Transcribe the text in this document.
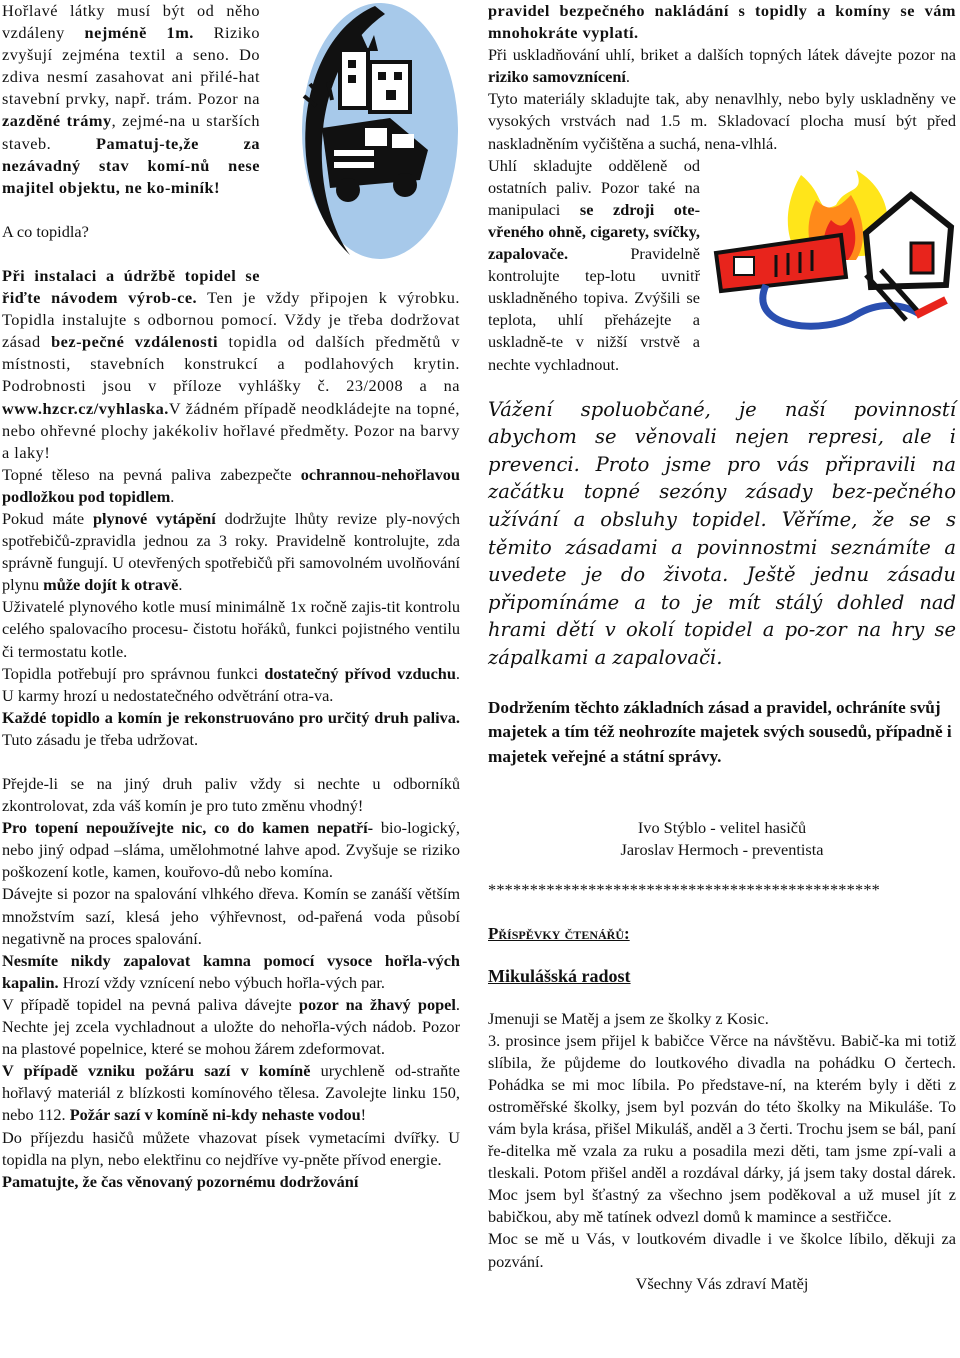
Hořlavé látky musí být od něho vzdáleny nejméně 1m. Riziko zvyšují zejména textil a seno. Do zdiva nesmí zasahovat ani přilé-hat stavební prvky, např. trám. Pozor na zazděné trámy, zejmé-na u starších staveb. Pamatuj-te,že za nezávadný stav komí-nů nese majitel objektu, ne ko-miník!

A co topidla?

Při instalaci a údržbě topidel se řiďte návodem výrob-ce. Ten je vždy připojen k výrobku. Topidla instalujte s odbornou pomocí. Vždy je třeba dodržovat zásad bez-pečné vzdálenosti topidla od dalších předmětů v místnosti, stavebních konstrukcí a podlahových krytin. Podrobnosti jsou v příloze vyhlášky č. 23/2008 a na www.hzcr.cz/vyhlaska.V žádném případě neodkládejte na topné, nebo ohřevné plochy jakékoliv hořlavé předměty. Pozor na barvy a laky!

Topné těleso na pevná paliva zabezpečte ochrannou-nehořlavou podložkou pod topidlem.

Pokud máte plynové vytápění dodržujte lhůty revize ply-nových spotřebičů-zpravidla jednou za 3 roky. Pravidelně kontrolujte, zda správně fungují. U otevřených spotřebičů při samovolném uvolňování plynu může dojít k otravě.

Uživatelé plynového kotle musí minimálně 1x ročně zajis-tit kontrolu celého spalovacího procesu- čistotu hořáků, funkci pojistného ventilu či termostatu kotle.

Topidla potřebují pro správnou funkci dostatečný přívod vzduchu. U karmy hrozí u nedostatečného odvětrání otra-va.

Každé topidlo a komín je rekonstruováno pro určitý druh paliva. Tuto zásadu je třeba udržovat.

Přejde-li se na jiný druh paliv vždy si nechte u odborníků zkontrolovat, zda váš komín je pro tuto změnu vhodný!

Pro topení nepoužívejte nic, co do kamen nepatří- bio-logický, nebo jiný odpad –sláma, umělohmotné lahve apod. Zvyšuje se riziko poškození kotle, kamen, kouřovo-dů nebo komína.

Dávejte si pozor na spalování vlhkého dřeva. Komín se zanáší větším množstvím sazí, klesá jeho výhřevnost, od-pařená voda působí negativně na proces spalování.

Nesmíte nikdy zapalovat kamna pomocí vysoce hořla-vých kapalin. Hrozí vždy vznícení nebo výbuch hořla-vých par.

V případě topidel na pevná paliva dávejte pozor na žhavý popel. Nechte jej zcela vychladnout a uložte do nehořla-vých nádob. Pozor na plastové popelnice, které se mohou žárem zdeformovat.

V případě vzniku požáru sazí v komíně urychleně od-straňte hořlavý materiál z blízkosti komínového tělesa. Zavolejte linku 150, nebo 112. Požár sazí v komíně ni-kdy nehaste vodou!

Do příjezdu hasičů můžete vhazovat písek vymetacími dvířky. U topidla na plyn, nebo elektřinu co nejdříve vy-pněte přívod energie.

Pamatujte, že čas věnovaný pozornému dodržování

pravidel bezpečného nakládání s topidly a komíny se vám mnohokráte vyplatí.

Při uskladňování uhlí, briket a dalších topných látek dávejte pozor na riziko samovznícení.

Tyto materiály skladujte tak, aby nenavlhly, nebo byly uskladněny ve vysokých vrstvách nad 1.5 m. Skladovací plocha musí být před naskladněním vyčištěna a suchá, nena-vlhlá.

Uhlí skladujte odděleně od ostatních paliv. Pozor také na manipulaci se zdroji ote-vřeného ohně, cigarety, svíčky, zapalovače. Pravidelně kontrolujte tep-lotu uvnitř uskladněného topiva. Zvýšili se teplota, uhlí přeházejte a uskladně-te v nižší vrstvě a nechte vychladnout.

Vážení spoluobčané, je naší povinností abychom se věnovali nejen represi, ale i prevenci. Proto jsme pro vás připravili na začátku topné sezóny zásady bez-pečného užívání a obsluhy topidel. Věříme, že se s těmito zásadami a povinnostmi seznámíte a uvedete je do života. Ještě jednu zásadu připomínáme a to je mít stálý dohled nad hrami dětí v okolí topidel a po-zor na hry se zápalkami a zapalovači.

Dodržením těchto základních zásad a pravidel, ochráníte svůj majetek a tím též neohrozíte majetek svých sousedů, případně i majetek veřejné a státní správy.

Ivo Stýblo - velitel hasičů

Jaroslav Hermoch - preventista

***********************************************

Příspěvky čtenářů:

Mikulášská radost

Jmenuji se Matěj a jsem ze školky z Kosic.

3. prosince jsem přijel k babičce Věrce na návštěvu. Babič-ka mi totiž slíbila, že půjdeme do loutkového divadla na pohádku O čertech. Pohádka se mi moc líbila. Po představe-ní, na kterém byly i děti z ostroměřské školky, jsem byl pozván do této školky na Mikuláše. To vám byla krása, přišel Mikuláš, anděl a 3 čerti. Trochu jsem se bál, paní ře-ditelka mě vzala za ruku a posadila mezi děti, tam jsme zpí-vali a tleskali. Potom přišel anděl a rozdával dárky, já jsem taky dostal dárek. Moc jsem byl šťastný za všechno jsem poděkoval a už musel jít z babičkou, aby mě tatínek odvezl domů k mamince a sestřičce.

Moc se mě u Vás, v loutkovém divadle i ve školce líbilo, děkuji za pozvání.

Všechny Vás zdraví Matěj
